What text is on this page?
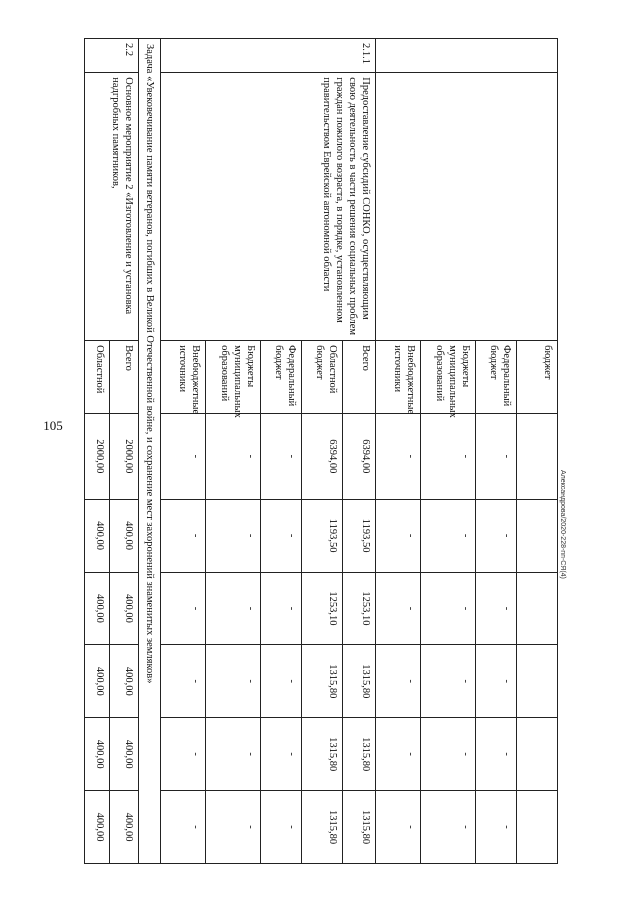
105
		бюджет						
		Федеральный бюджет	-	-	-	-	-	-
		Бюджеты муниципальных образований	-	-	-	-	-	-
		Внебюджетные источники	-	-	-	-	-	-
2.1.1	Предоставление субсидий СОНКО, осуществляющим свою деятельность в части решения социальных проблем граждан пожилого возраста, в порядке, установленном правительством Еврейской автономной области	Всего	6394,00	1193,50	1253,10	1315,80	1315,80	1315,80
		Областной бюджет	6394,00	1193,50	1253,10	1315,80	1315,80	1315,80
		Федеральный бюджет	-	-	-	-	-	-
		Бюджеты муниципальных образований	-	-	-	-	-	-
		Внебюджетные источники	-	-	-	-	-	-
Задача «Увековечивание памяти ветеранов, погибших в Великой Отечественной войне, и сохранение мест захоронений знаменитых земляков»								
2.2	Основное мероприятие 2 «Изготовление и установка надгробных памятников,	Всего	2000,00	400,00	400,00	400,00	400,00	400,00
		Областной	2000,00	400,00	400,00	400,00	400,00	400,00
Александрова/2020-228-пп-СЯ(4)
